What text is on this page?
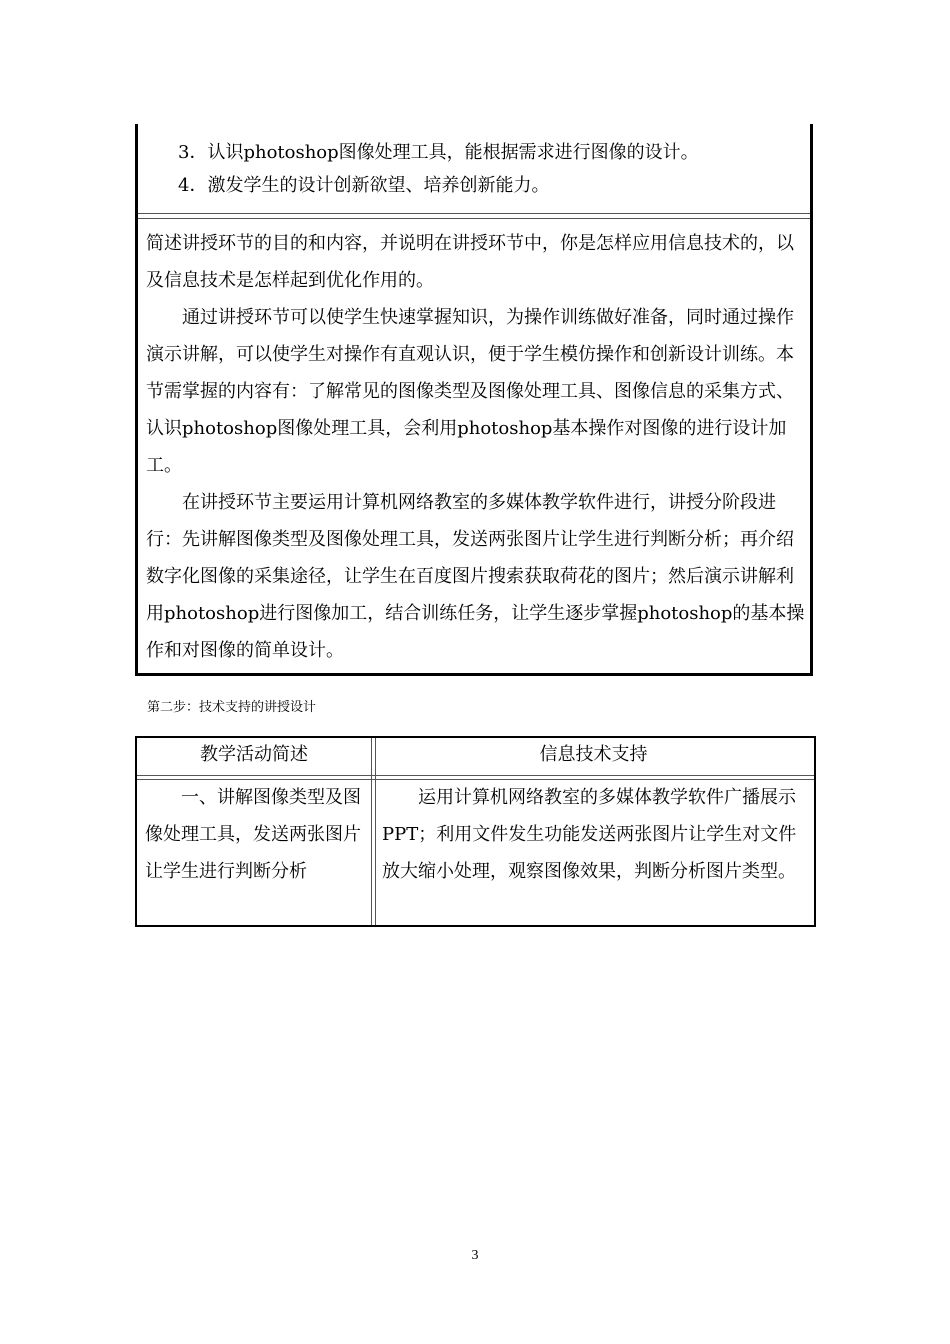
3．认识photoshop图像处理工具，能根据需求进行图像的设计。
4．激发学生的设计创新欲望、培养创新能力。

简述讲授环节的目的和内容，并说明在讲授环节中，你是怎样应用信息技术的，以及信息技术是怎样起到优化作用的。

通过讲授环节可以使学生快速掌握知识，为操作训练做好准备，同时通过操作演示讲解，可以使学生对操作有直观认识，便于学生模仿操作和创新设计训练。本节需掌握的内容有：了解常见的图像类型及图像处理工具、图像信息的采集方式、认识photoshop图像处理工具，会利用photoshop基本操作对图像的进行设计加工。

在讲授环节主要运用计算机网络教室的多媒体教学软件进行，讲授分阶段进行：先讲解图像类型及图像处理工具，发送两张图片让学生进行判断分析；再介绍数字化图像的采集途径，让学生在百度图片搜索获取荷花的图片；然后演示讲解利用photoshop进行图像加工，结合训练任务，让学生逐步掌握photoshop的基本操作和对图像的简单设计。

第二步：技术支持的讲授设计
教学活动简述	信息技术支持

一、讲解图像类型及图像处理工具，发送两张图片让学生进行判断分析

运用计算机网络教室的多媒体教学软件广播展示PPT；利用文件发生功能发送两张图片让学生对文件放大缩小处理，观察图像效果，判断分析图片类型。

3
